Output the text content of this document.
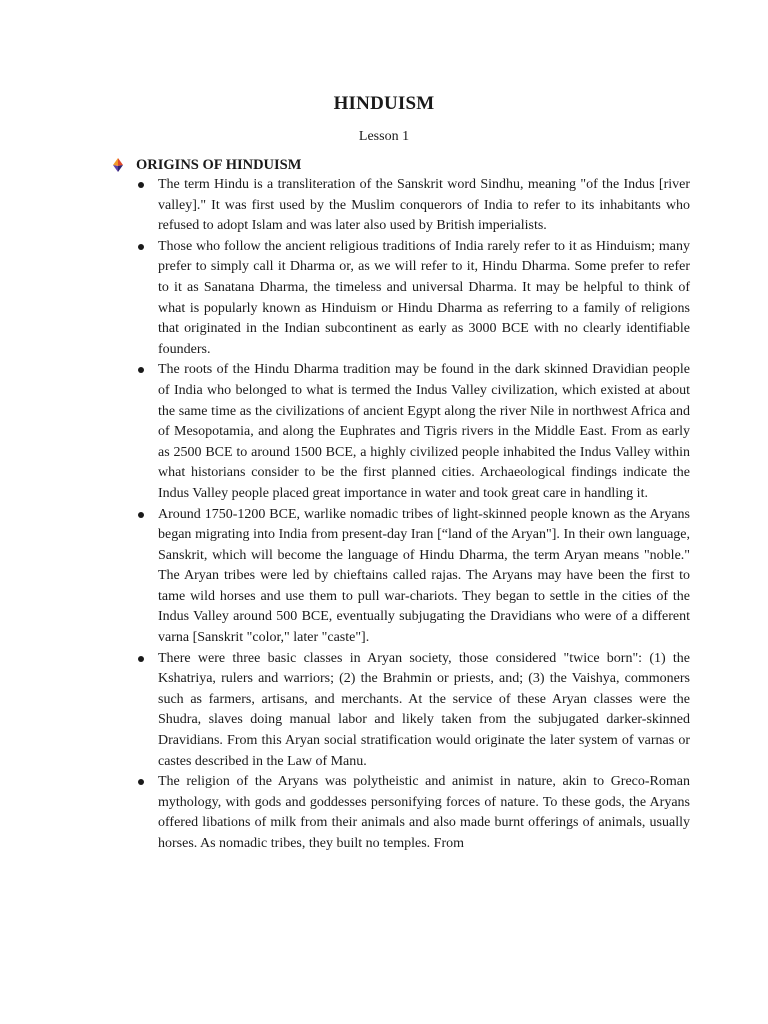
HINDUISM
Lesson 1
ORIGINS OF HINDUISM
The term Hindu is a transliteration of the Sanskrit word Sindhu, meaning "of the Indus [river valley]." It was first used by the Muslim conquerors of India to refer to its inhabitants who refused to adopt Islam and was later also used by British imperialists.
Those who follow the ancient religious traditions of India rarely refer to it as Hinduism; many prefer to simply call it Dharma or, as we will refer to it, Hindu Dharma. Some prefer to refer to it as Sanatana Dharma, the timeless and universal Dharma. It may be helpful to think of what is popularly known as Hinduism or Hindu Dharma as referring to a family of religions that originated in the Indian subcontinent as early as 3000 BCE with no clearly identifiable founders.
The roots of the Hindu Dharma tradition may be found in the dark skinned Dravidian people of India who belonged to what is termed the Indus Valley civilization, which existed at about the same time as the civilizations of ancient Egypt along the river Nile in northwest Africa and of Mesopotamia, and along the Euphrates and Tigris rivers in the Middle East. From as early as 2500 BCE to around 1500 BCE, a highly civilized people inhabited the Indus Valley within what historians consider to be the first planned cities. Archaeological findings indicate the Indus Valley people placed great importance in water and took great care in handling it.
Around 1750-1200 BCE, warlike nomadic tribes of light-skinned people known as the Aryans began migrating into India from present-day Iran [“land of the Aryan"]. In their own language, Sanskrit, which will become the language of Hindu Dharma, the term Aryan means "noble." The Aryan tribes were led by chieftains called rajas. The Aryans may have been the first to tame wild horses and use them to pull war-chariots. They began to settle in the cities of the Indus Valley around 500 BCE, eventually subjugating the Dravidians who were of a different varna [Sanskrit "color," later "caste"].
There were three basic classes in Aryan society, those considered "twice born": (1) the Kshatriya, rulers and warriors; (2) the Brahmin or priests, and; (3) the Vaishya, commoners such as farmers, artisans, and merchants. At the service of these Aryan classes were the Shudra, slaves doing manual labor and likely taken from the subjugated darker-skinned Dravidians. From this Aryan social stratification would originate the later system of varnas or castes described in the Law of Manu.
The religion of the Aryans was polytheistic and animist in nature, akin to Greco-Roman mythology, with gods and goddesses personifying forces of nature. To these gods, the Aryans offered libations of milk from their animals and also made burnt offerings of animals, usually horses. As nomadic tribes, they built no temples. From
